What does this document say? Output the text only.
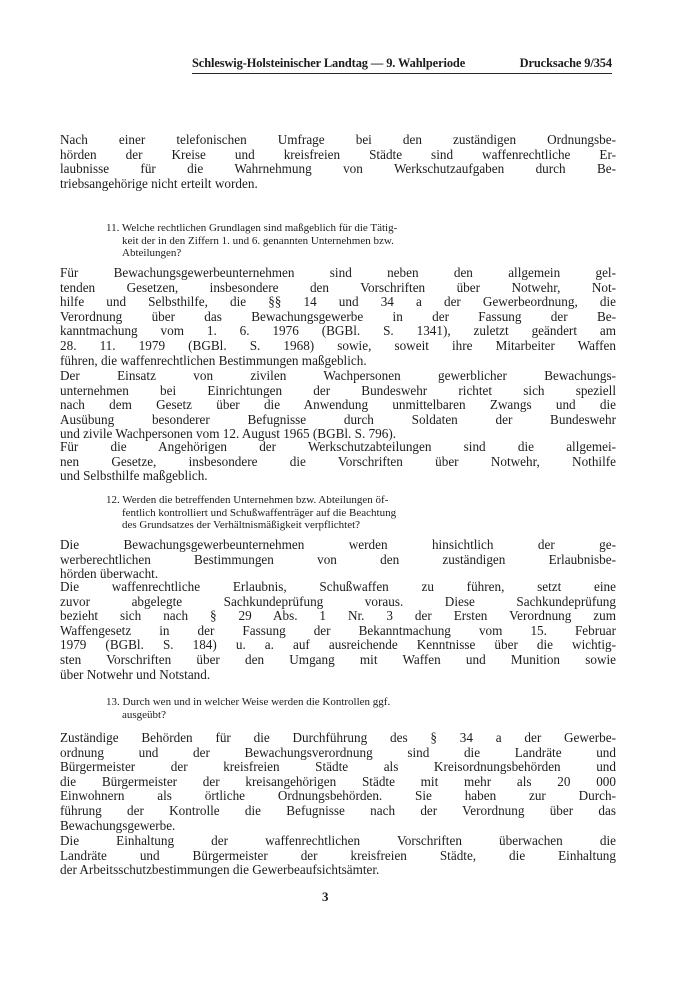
Schleswig-Holsteinischer Landtag — 9. Wahlperiode	Drucksache 9/354
Nach einer telefonischen Umfrage bei den zuständigen Ordnungsbe-
hörden der Kreise und kreisfreien Städte sind waffenrechtliche Er-
laubnisse für die Wahrnehmung von Werkschutzaufgaben durch Be-
triebsangehörige nicht erteilt worden.
11. Welche rechtlichen Grundlagen sind maßgeblich für die Tätig-
keit der in den Ziffern 1. und 6. genannten Unternehmen bzw.
Abteilungen?
Für Bewachungsgewerbeunternehmen sind neben den allgemein gel-
tenden Gesetzen, insbesondere den Vorschriften über Notwehr, Not-
hilfe und Selbsthilfe, die §§ 14 und 34 a der Gewerbeordnung, die
Verordnung über das Bewachungsgewerbe in der Fassung der Be-
kanntmachung vom 1. 6. 1976 (BGBl. S. 1341), zuletzt geändert am
28. 11. 1979 (BGBl. S. 1968) sowie, soweit ihre Mitarbeiter Waffen
führen, die waffenrechtlichen Bestimmungen maßgeblich.
Der Einsatz von zivilen Wachpersonen gewerblicher Bewachungs-
unternehmen bei Einrichtungen der Bundeswehr richtet sich speziell
nach dem Gesetz über die Anwendung unmittelbaren Zwangs und die
Ausübung besonderer Befugnisse durch Soldaten der Bundeswehr
und zivile Wachpersonen vom 12. August 1965 (BGBl. S. 796).
Für die Angehörigen der Werkschutzabteilungen sind die allgemei-
nen Gesetze, insbesondere die Vorschriften über Notwehr, Nothilfe
und Selbsthilfe maßgeblich.
12. Werden die betreffenden Unternehmen bzw. Abteilungen öf-
fentlich kontrolliert und Schußwaffenträger auf die Beachtung
des Grundsatzes der Verhältnismäßigkeit verpflichtet?
Die Bewachungsgewerbeunternehmen werden hinsichtlich der ge-
werberechtlichen Bestimmungen von den zuständigen Erlaubnisbe-
hörden überwacht.
Die waffenrechtliche Erlaubnis, Schußwaffen zu führen, setzt eine
zuvor abgelegte Sachkundeprüfung voraus. Diese Sachkundeprüfung
bezieht sich nach § 29 Abs. 1 Nr. 3 der Ersten Verordnung zum
Waffengesetz in der Fassung der Bekanntmachung vom 15. Februar
1979 (BGBl. S. 184) u. a. auf ausreichende Kenntnisse über die wichtig-
sten Vorschriften über den Umgang mit Waffen und Munition sowie
über Notwehr und Notstand.
13. Durch wen und in welcher Weise werden die Kontrollen ggf.
ausgeübt?
Zuständige Behörden für die Durchführung des § 34 a der Gewerbe-
ordnung und der Bewachungsverordnung sind die Landräte und
Bürgermeister der kreisfreien Städte als Kreisordnungsbehörden und
die Bürgermeister der kreisangehörigen Städte mit mehr als 20 000
Einwohnern als örtliche Ordnungsbehörden. Sie haben zur Durch-
führung der Kontrolle die Befugnisse nach der Verordnung über das
Bewachungsgewerbe.
Die Einhaltung der waffenrechtlichen Vorschriften überwachen die
Landräte und Bürgermeister der kreisfreien Städte, die Einhaltung
der Arbeitsschutzbestimmungen die Gewerbeaufsichtsämter.
3
